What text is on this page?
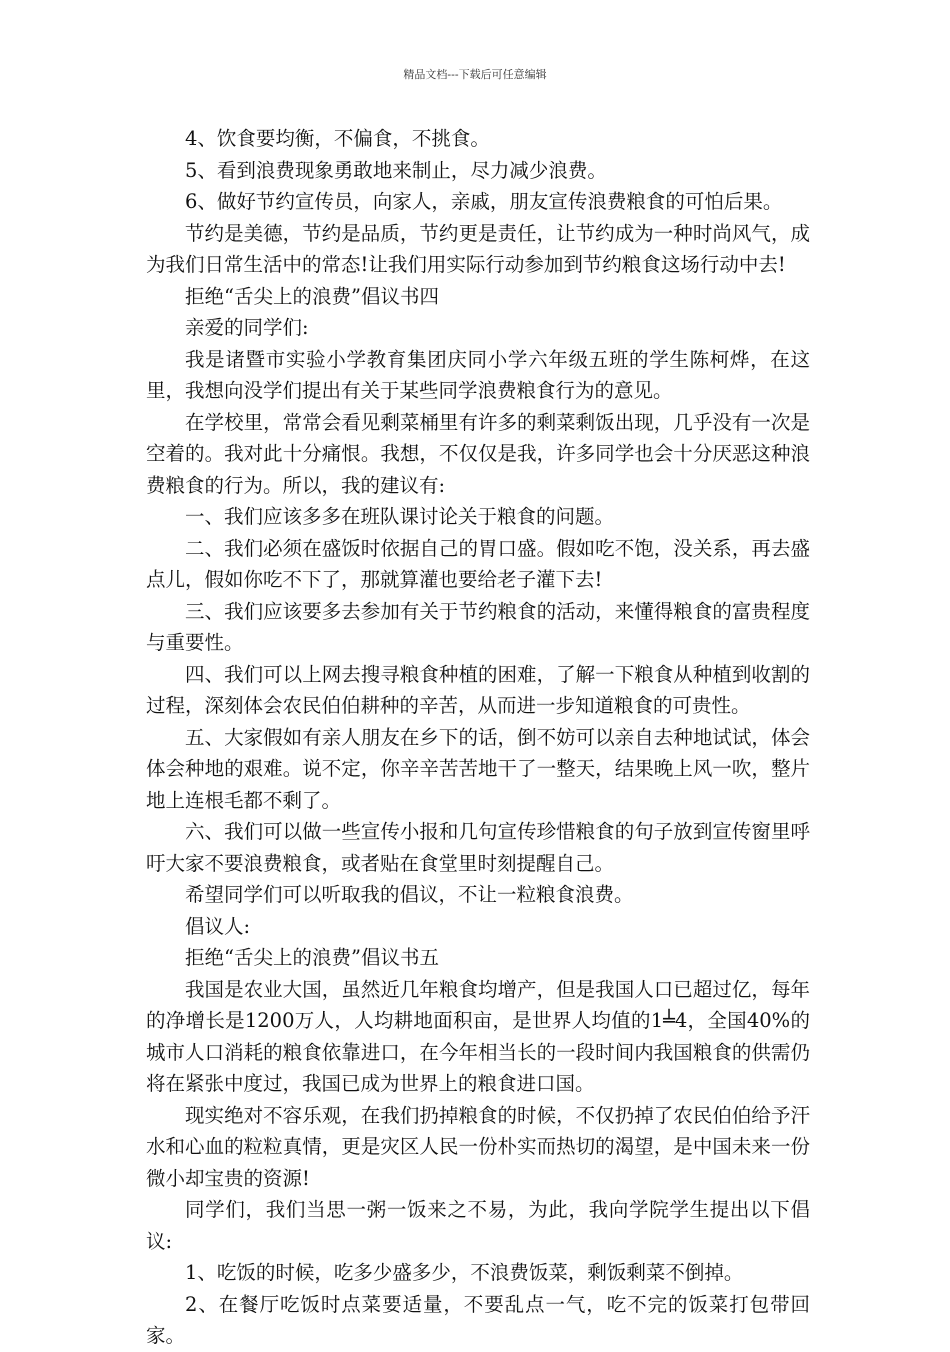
精品文档---下载后可任意编辑

4、饮食要均衡，不偏食，不挑食。

5、看到浪费现象勇敢地来制止，尽力减少浪费。

6、做好节约宣传员，向家人，亲戚，朋友宣传浪费粮食的可怕后果。

节约是美德，节约是品质，节约更是责任，让节约成为一种时尚风气，成为我们日常生活中的常态!让我们用实际行动参加到节约粮食这场行动中去!

拒绝“舌尖上的浪费”倡议书四

亲爱的同学们:

我是诸暨市实验小学教育集团庆同小学六年级五班的学生陈柯烨，在这里，我想向没学们提出有关于某些同学浪费粮食行为的意见。

在学校里，常常会看见剩菜桶里有许多的剩菜剩饭出现，几乎没有一次是空着的。我对此十分痛恨。我想，不仅仅是我，许多同学也会十分厌恶这种浪费粮食的行为。所以，我的建议有:

一、我们应该多多在班队课讨论关于粮食的问题。

二、我们必须在盛饭时依据自己的胃口盛。假如吃不饱，没关系，再去盛点儿，假如你吃不下了，那就算灌也要给老子灌下去!

三、我们应该要多去参加有关于节约粮食的活动，来懂得粮食的富贵程度与重要性。

四、我们可以上网去搜寻粮食种植的困难，了解一下粮食从种植到收割的过程，深刻体会农民伯伯耕种的辛苦，从而进一步知道粮食的可贵性。

五、大家假如有亲人朋友在乡下的话，倒不妨可以亲自去种地试试，体会体会种地的艰难。说不定，你辛辛苦苦地干了一整天，结果晚上风一吹，整片地上连根毛都不剩了。

六、我们可以做一些宣传小报和几句宣传珍惜粮食的句子放到宣传窗里呼吁大家不要浪费粮食，或者贴在食堂里时刻提醒自己。

希望同学们可以听取我的倡议，不让一粒粮食浪费。

倡议人:

拒绝“舌尖上的浪费”倡议书五

我国是农业大国，虽然近几年粮食均增产，但是我国人口已超过亿，每年的净增长是1200万人，人均耕地面积亩，是世界人均值的1╧4，全国40%的城市人口消耗的粮食依靠进口，在今年相当长的一段时间内我国粮食的供需仍将在紧张中度过，我国已成为世界上的粮食进口国。

现实绝对不容乐观，在我们扔掉粮食的时候，不仅扔掉了农民伯伯给予汗水和心血的粒粒真情，更是灾区人民一份朴实而热切的渴望，是中国未来一份微小却宝贵的资源!

同学们，我们当思一粥一饭来之不易，为此，我向学院学生提出以下倡议:

1、吃饭的时候，吃多少盛多少，不浪费饭菜，剩饭剩菜不倒掉。

2、在餐厅吃饭时点菜要适量，不要乱点一气，吃不完的饭菜打包带回家。
